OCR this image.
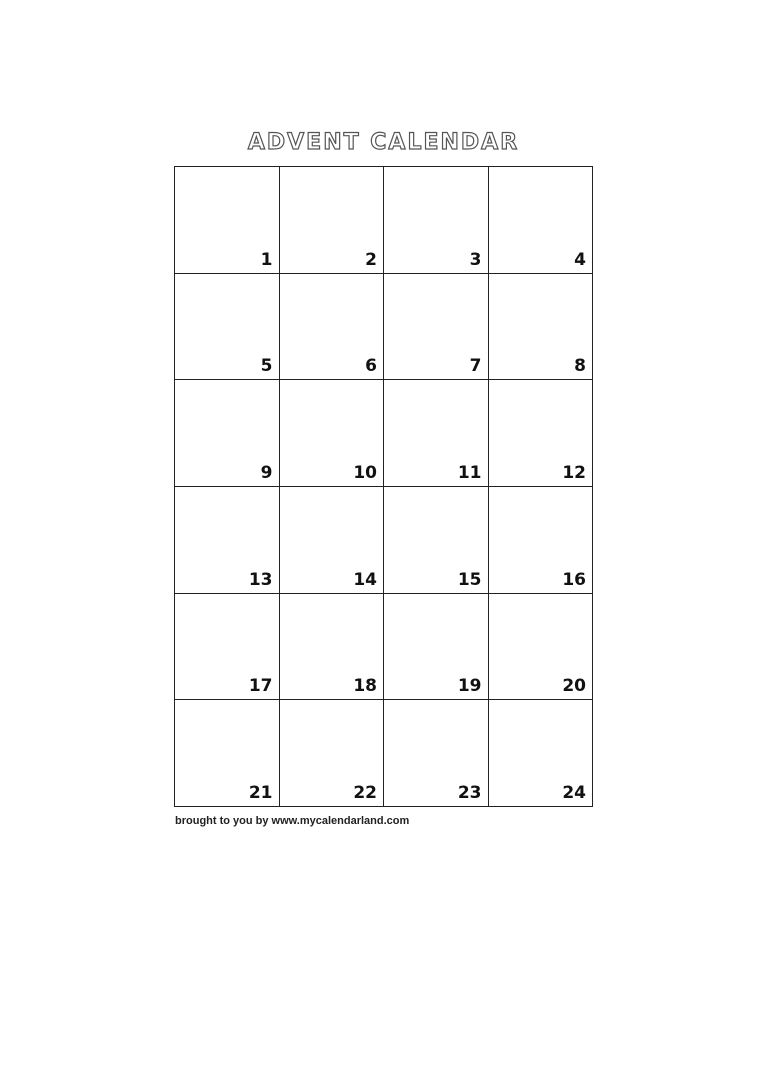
ADVENT CALENDAR
1	2	3	4
5	6	7	8
9	10	11	12
13	14	15	16
17	18	19	20
21	22	23	24
brought to you by www.mycalendarland.com
